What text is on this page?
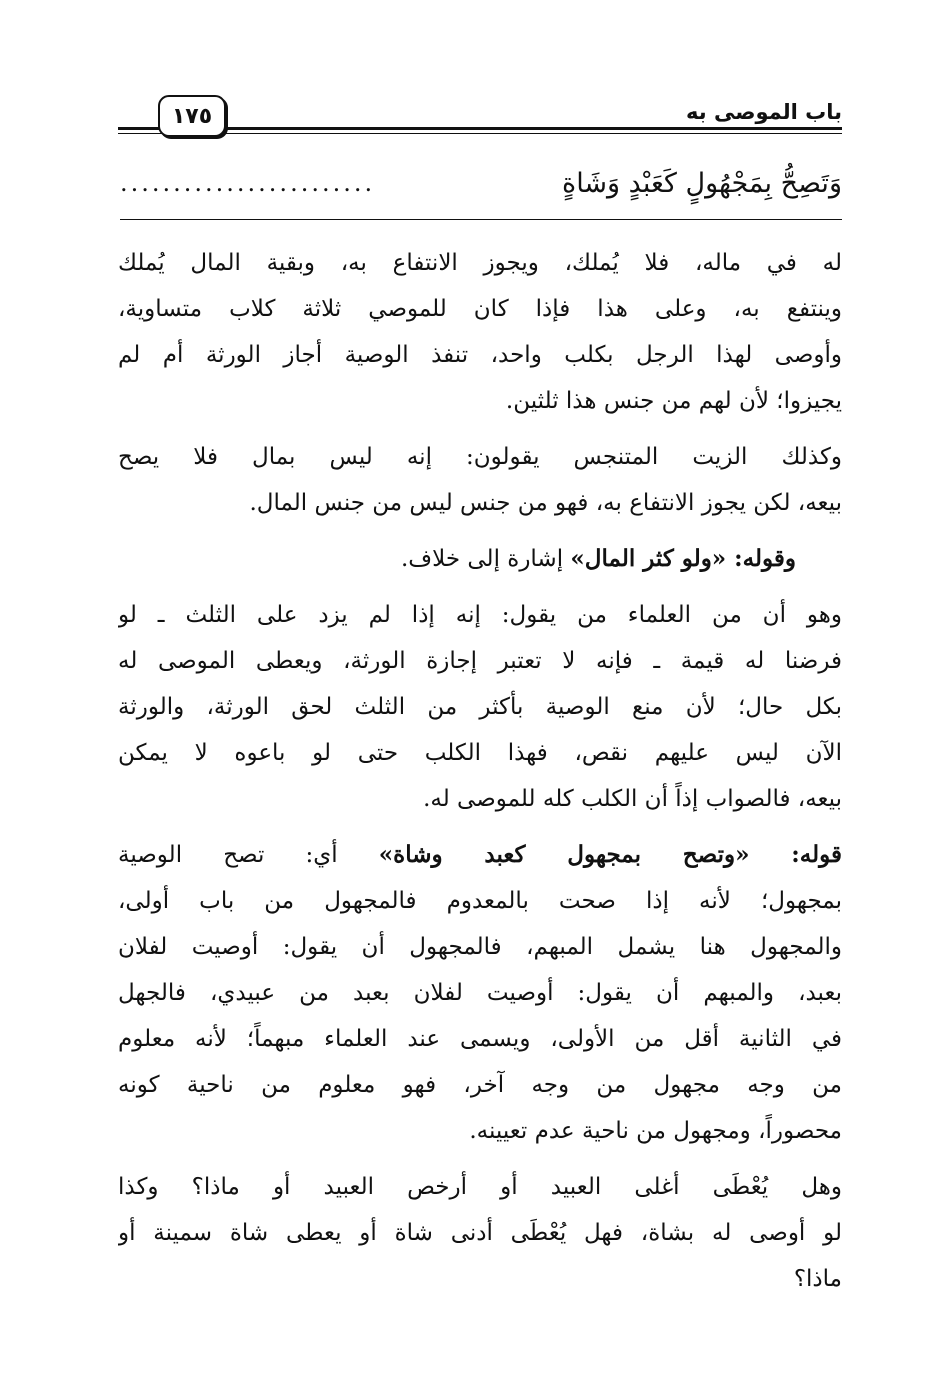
باب الموصى به
١٧٥
وَتَصِحُّ بِمَجْهُولٍ كَعَبْدٍ وَشَاةٍ
........................
له في ماله، فلا يُملك، ويجوز الانتفاع به، وبقية المال يُملك
وينتفع به، وعلى هذا فإذا كان للموصي ثلاثة كلاب متساوية،
وأوصى لهذا الرجل بكلب واحد، تنفذ الوصية أجاز الورثة أم لم
يجيزوا؛ لأن لهم من جنس هذا ثلثين.
وكذلك الزيت المتنجس يقولون: إنه ليس بمال فلا يصح
بيعه، لكن يجوز الانتفاع به، فهو من جنس ليس من جنس المال.
  وقوله: «ولو كثر المال» إشارة إلى خلاف.
وهو أن من العلماء من يقول: إنه إذا لم يزد على الثلث ـ لو
فرضنا له قيمة ـ فإنه لا تعتبر إجازة الورثة، ويعطى الموصى له
بكل حال؛ لأن منع الوصية بأكثر من الثلث لحق الورثة، والورثة
الآن ليس عليهم نقص، فهذا الكلب حتى لو باعوه لا يمكن
بيعه، فالصواب إذاً أن الكلب كله للموصى له.
قوله: «وتصح بمجهول كعبد وشاة» أي: تصح الوصية
بمجهول؛ لأنه إذا صحت بالمعدوم فالمجهول من باب أولى،
والمجهول هنا يشمل المبهم، فالمجهول أن يقول: أوصيت لفلان
بعبد، والمبهم أن يقول: أوصيت لفلان بعبد من عبيدي، فالجهل
في الثانية أقل من الأولى، ويسمى عند العلماء مبهماً؛ لأنه معلوم
من وجه مجهول من وجه آخر، فهو معلوم من ناحية كونه
محصوراً، ومجهول من ناحية عدم تعيينه.
وهل يُعْطَى أغلى العبيد أو أرخص العبيد أو ماذا؟ وكذا
لو أوصى له بشاة، فهل يُعْطَى أدنى شاة أو يعطى شاة سمينة أو
ماذا؟
